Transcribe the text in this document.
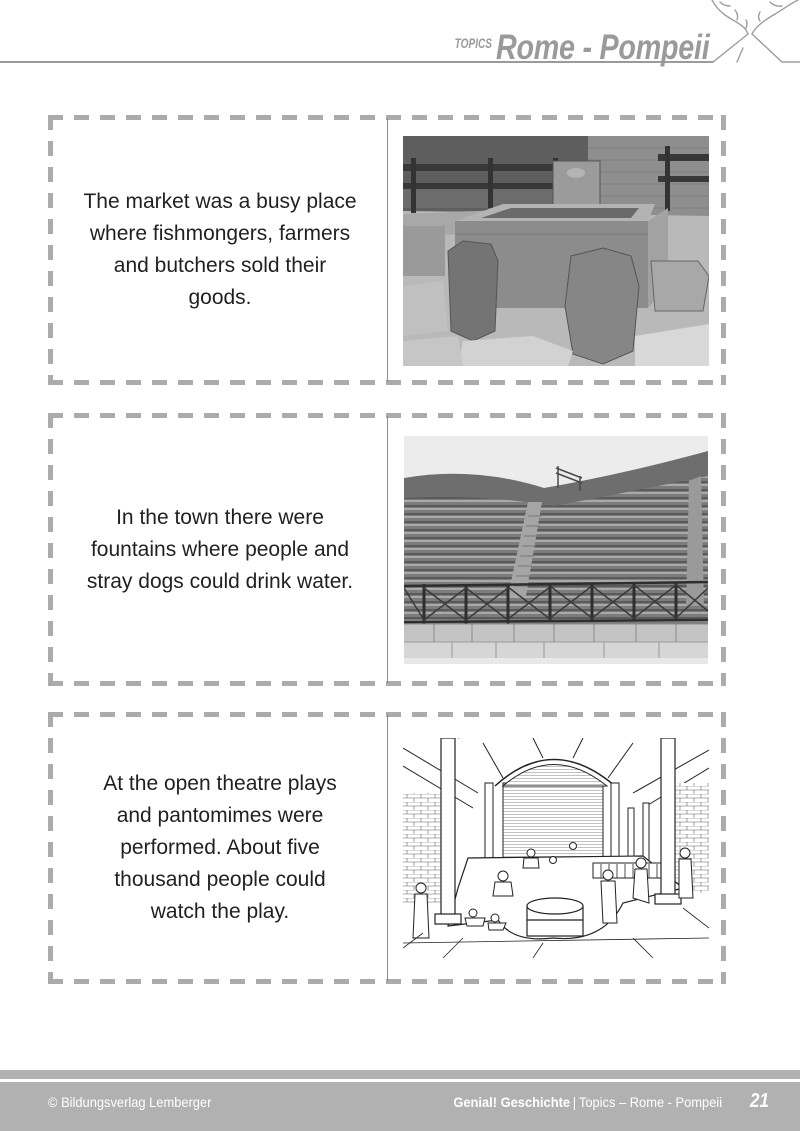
TOPICS Rome - Pompeii

The market was a busy place
where fishmongers, farmers
and butchers sold their
goods.

In the town there were
fountains where people and
stray dogs could drink water.

At the open theatre plays
and pantomimes were
performed. About five
thousand people could
watch the play.

© Bildungsverlag Lemberger	Genial! Geschichte | Topics – Rome - Pompeii 21
